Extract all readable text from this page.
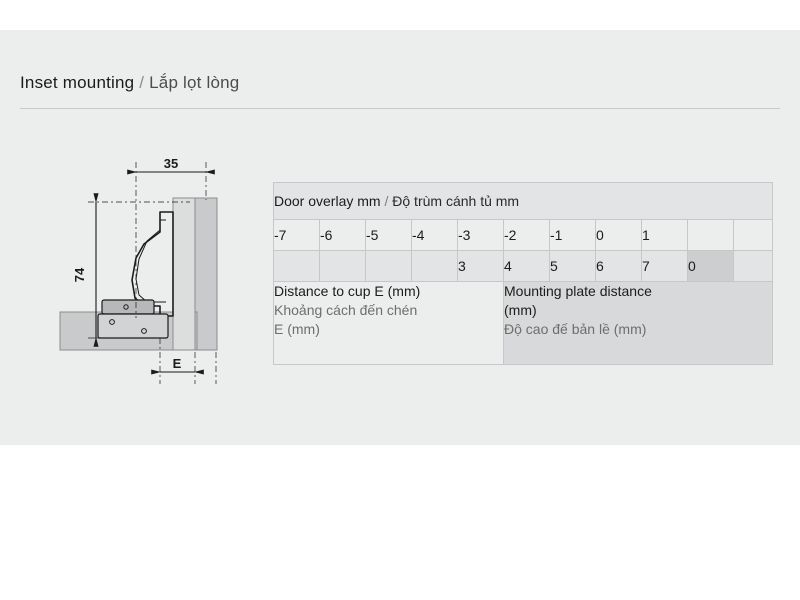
Inset mounting / Lắp lọt lòng
35
74
E
Door overlay mm / Độ trùm cánh tủ mm										
-7	-6	-5	-4	-3	-2	-1	0	1		
				3	4	5	6	7	0	

Distance to cup E (mm)
Khoảng cách đến chén
E (mm)					Mounting plate distance
(mm)
Độ cao đế bản lề (mm)					
